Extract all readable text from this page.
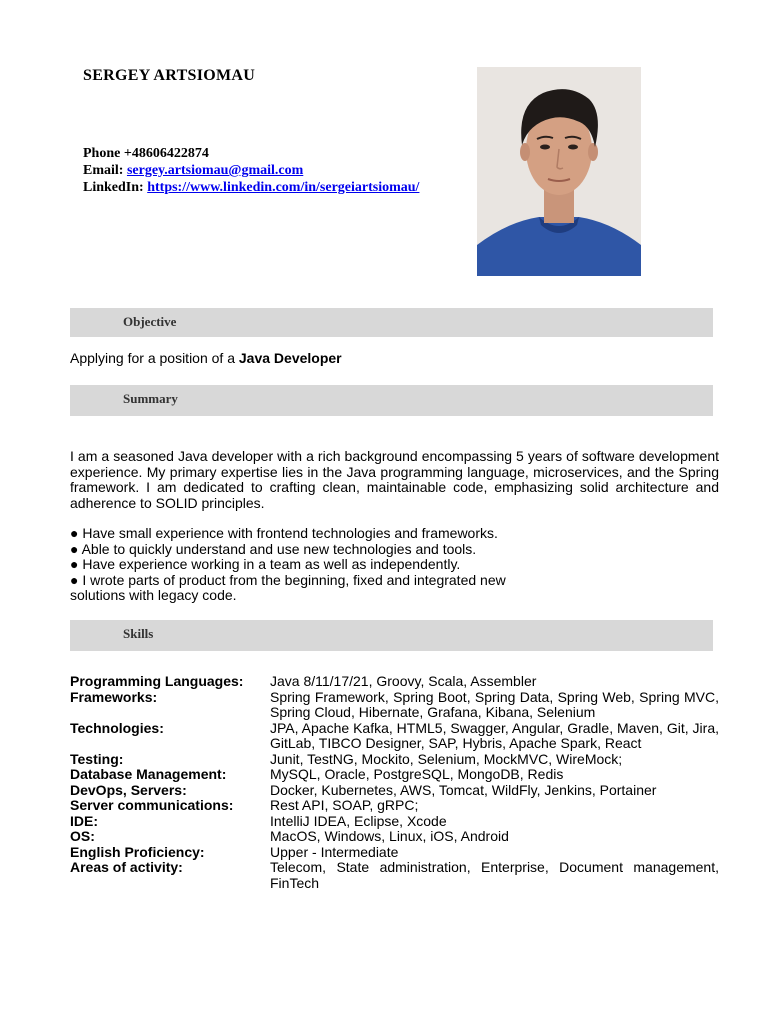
SERGEY ARTSIOMAU
Phone +48606422874
Email: sergey.artsiomau@gmail.com
LinkedIn: https://www.linkedin.com/in/sergeiartsiomau/
Objective
Applying for a position of a Java Developer
Summary
I am a seasoned Java developer with a rich background encompassing 5 years of software development experience. My primary expertise lies in the Java programming language, microservices, and the Spring framework. I am dedicated to crafting clean, maintainable code, emphasizing solid architecture and adherence to SOLID principles.
● Have small experience with frontend technologies and frameworks.
● Able to quickly understand and use new technologies and tools.
● Have experience working in a team as well as independently.
● I wrote parts of product from the beginning, fixed and integrated new solutions with legacy code.
Skills
Programming Languages:	Java 8/11/17/21, Groovy, Scala, Assembler
Frameworks:	Spring Framework, Spring Boot, Spring Data, Spring Web, Spring MVC, Spring Cloud, Hibernate, Grafana, Kibana, Selenium
Technologies:	JPA, Apache Kafka, HTML5, Swagger, Angular, Gradle, Maven, Git, Jira, GitLab, TIBCO Designer, SAP, Hybris, Apache Spark, React
Testing:	Junit, TestNG, Mockito, Selenium, MockMVC, WireMock;
Database Management:	MySQL, Oracle, PostgreSQL, MongoDB, Redis
DevOps, Servers:	Docker, Kubernetes, AWS, Tomcat, WildFly, Jenkins, Portainer
Server communications:	Rest API, SOAP, gRPC;
IDE:	IntelliJ IDEA, Eclipse, Xcode
OS:	MacOS, Windows, Linux, iOS, Android
English Proficiency:	Upper - Intermediate
Areas of activity:	Telecom, State administration, Enterprise, Document management, FinTech
